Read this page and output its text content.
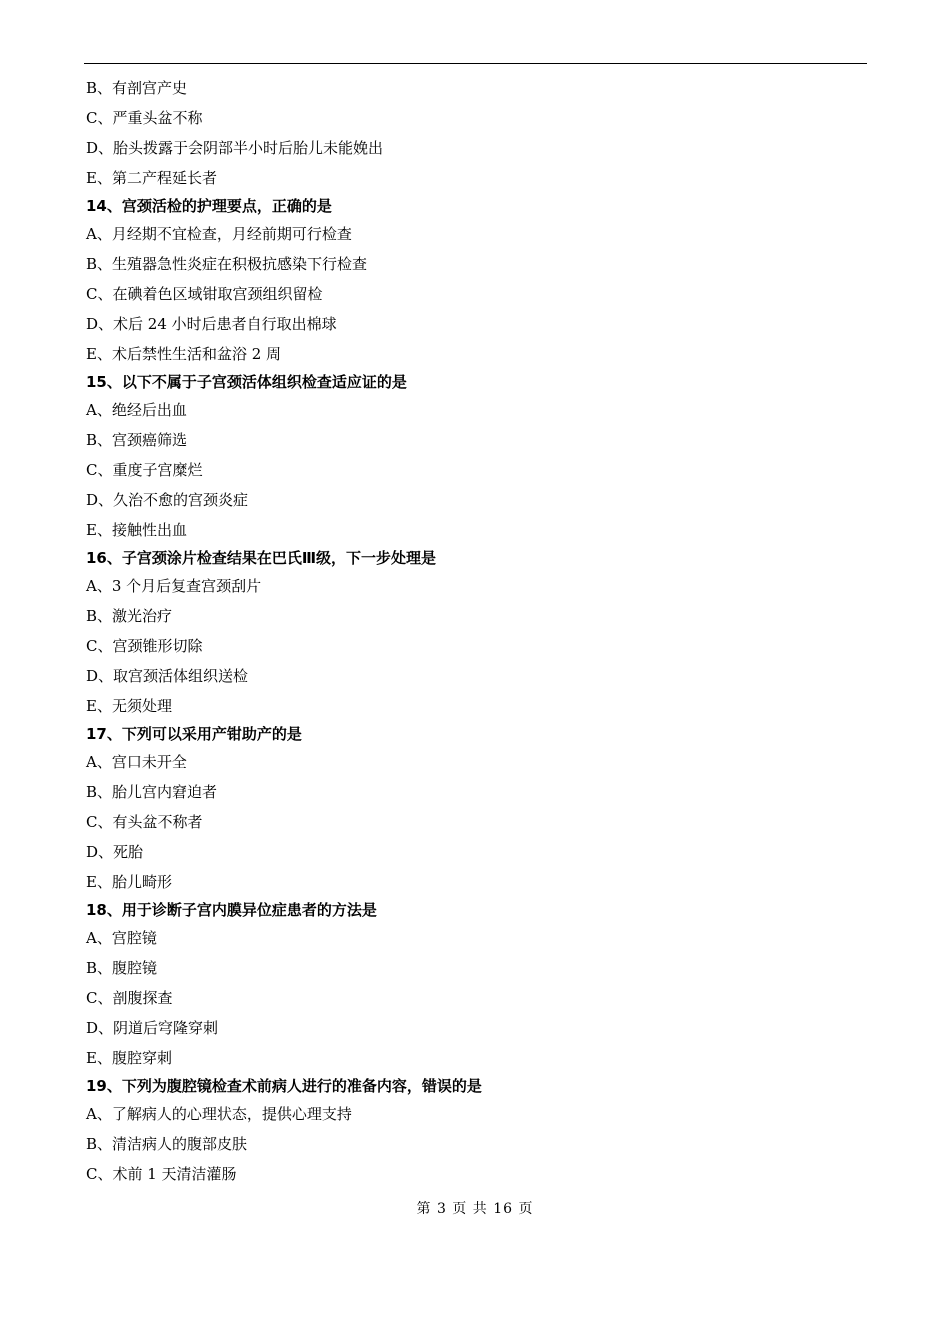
B、有剖宫产史
C、严重头盆不称
D、胎头拨露于会阴部半小时后胎儿未能娩出
E、第二产程延长者
14、宫颈活检的护理要点，正确的是
A、月经期不宜检查，月经前期可行检查
B、生殖器急性炎症在积极抗感染下行检查
C、在碘着色区域钳取宫颈组织留检
D、术后 24 小时后患者自行取出棉球
E、术后禁性生活和盆浴 2 周
15、以下不属于子宫颈活体组织检查适应证的是
A、绝经后出血
B、宫颈癌筛选
C、重度子宫糜烂
D、久治不愈的宫颈炎症
E、接触性出血
16、子宫颈涂片检查结果在巴氏Ⅲ级，下一步处理是
A、3 个月后复查宫颈刮片
B、激光治疗
C、宫颈锥形切除
D、取宫颈活体组织送检
E、无须处理
17、下列可以采用产钳助产的是
A、宫口未开全
B、胎儿宫内窘迫者
C、有头盆不称者
D、死胎
E、胎儿畸形
18、用于诊断子宫内膜异位症患者的方法是
A、宫腔镜
B、腹腔镜
C、剖腹探查
D、阴道后穹隆穿刺
E、腹腔穿刺
19、下列为腹腔镜检查术前病人进行的准备内容，错误的是
A、了解病人的心理状态，提供心理支持
B、清洁病人的腹部皮肤
C、术前 1 天清洁灌肠
第 3 页 共 16 页
